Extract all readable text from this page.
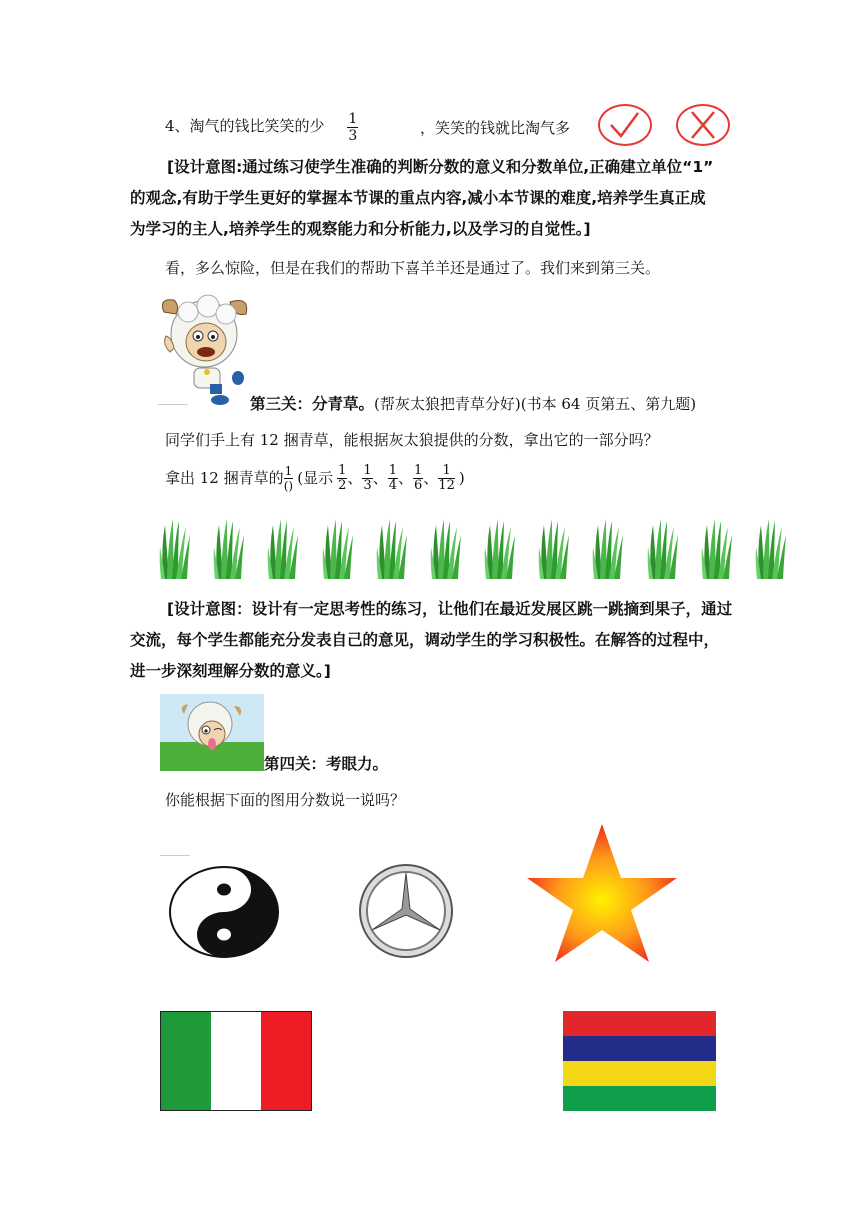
4、淘气的钱比笑笑的少 $\frac{1}{3}$	，笑笑的钱就比淘气多
[设计意图:通过练习使学生准确的判断分数的意义和分数单位,正确建立单位“1”
的观念,有助于学生更好的掌握本节课的重点内容,减小本节课的难度,培养学生真正成
为学习的主人,培养学生的观察能力和分析能力,以及学习的自觉性。]
看，多么惊险，但是在我们的帮助下喜羊羊还是通过了。我们来到第三关。
第三关：分青草。(帮灰太狼把青草分好)(书本 64 页第五、第九题)
同学们手上有 12 捆青草，能根据灰太狼提供的分数，拿出它的一部分吗？
拿出 12 捆青草的 $\frac{1}{()}$ (显示 $\frac{1}{2}$ 、 $\frac{1}{3}$ 、 $\frac{1}{4}$ 、 $\frac{1}{6}$ 、 $\frac{1}{12}$ )
[设计意图：设计有一定思考性的练习，让他们在最近发展区跳一跳摘到果子，通过
交流，每个学生都能充分发表自己的意见，调动学生的学习积极性。在解答的过程中，
进一步深刻理解分数的意义。]
第四关：考眼力。
你能根据下面的图用分数说一说吗？
